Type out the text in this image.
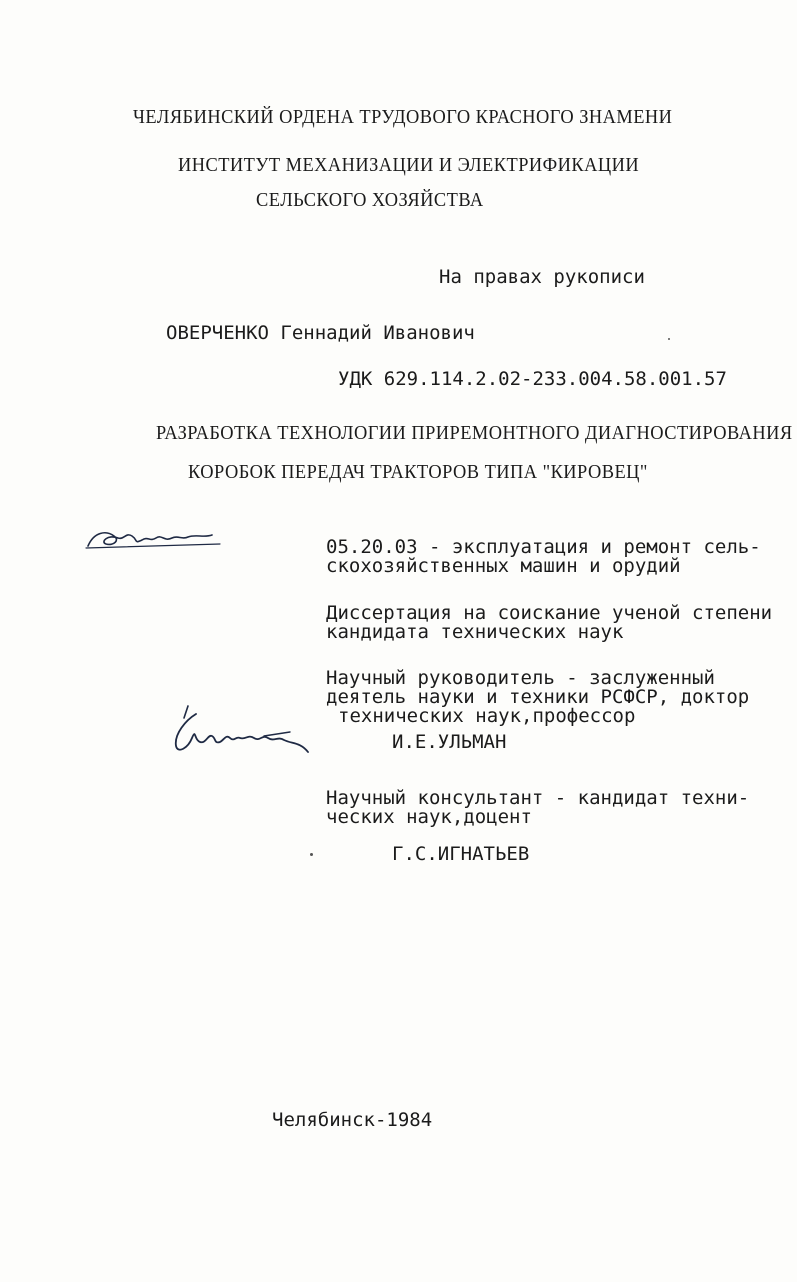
ЧЕЛЯБИНСКИЙ ОРДЕНА ТРУДОВОГО КРАСНОГО ЗНАМЕНИ
ИНСТИТУТ МЕХАНИЗАЦИИ И ЭЛЕКТРИФИКАЦИИ
СЕЛЬСКОГО ХОЗЯЙСТВА
На правах рукописи
ОВЕРЧЕНКО Геннадий Иванович
УДК 629.114.2.02-233.004.58.001.57
РАЗРАБОТКА ТЕХНОЛОГИИ ПРИРЕМОНТНОГО ДИАГНОСТИРОВАНИЯ
КОРОБОК ПЕРЕДАЧ ТРАКТОРОВ ТИПА "КИРОВЕЦ"
05.20.03 - эксплуатация и ремонт сель-
скохозяйственных машин и орудий
Диссертация на соискание ученой степени
кандидата технических наук
Научный руководитель - заслуженный
деятель науки и техники РСФСР, доктор
технических наук,профессор
И.Е.УЛЬМАН
Научный консультант - кандидат техни-
ческих наук,доцент
Г.С.ИГНАТЬЕВ
Челябинск-1984
